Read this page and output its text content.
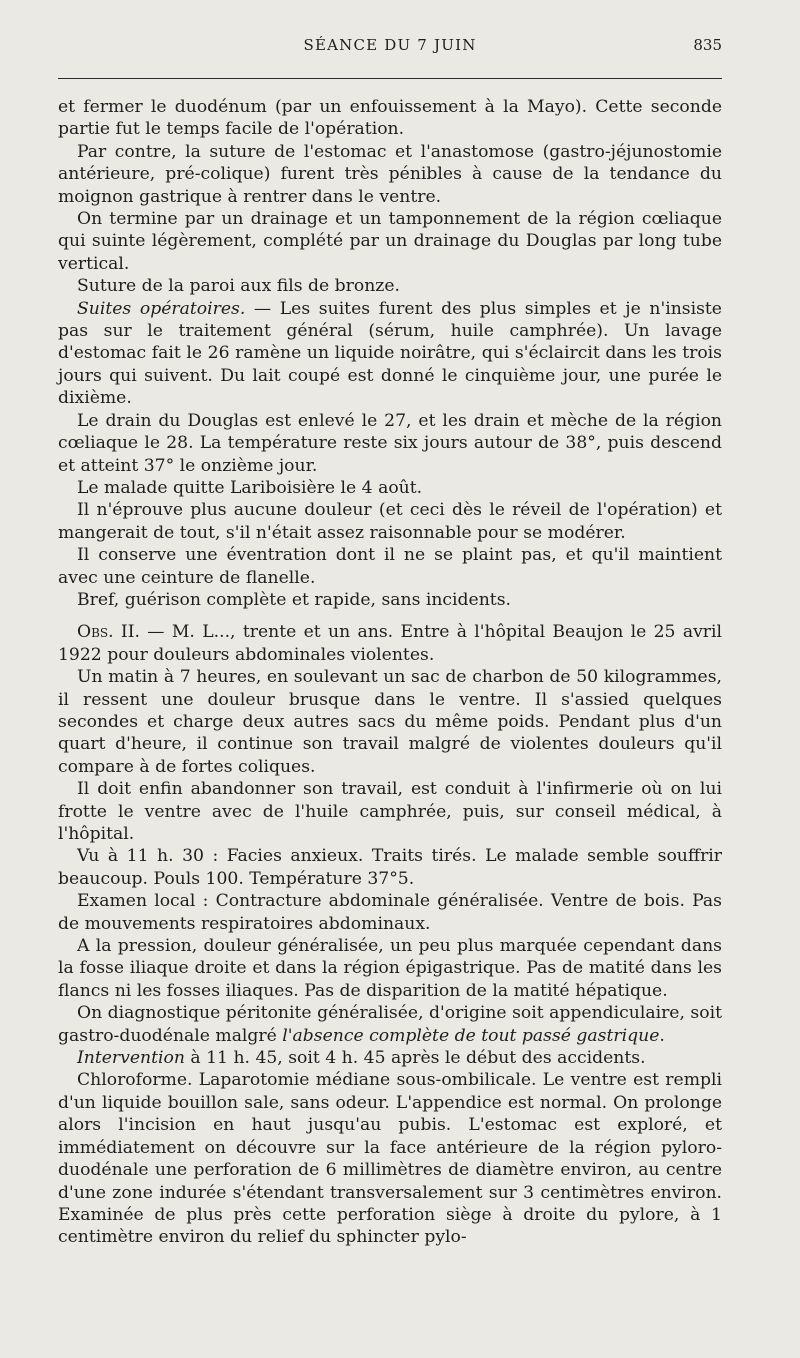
SÉANCE DU 7 JUIN	835

et fermer le duodénum (par un enfouissement à la Mayo). Cette seconde partie fut le temps facile de l'opération.

Par contre, la suture de l'estomac et l'anastomose (gastro-jéjunostomie antérieure, pré-colique) furent très pénibles à cause de la tendance du moignon gastrique à rentrer dans le ventre.

On termine par un drainage et un tamponnement de la région cœliaque qui suinte légèrement, complété par un drainage du Douglas par long tube vertical.

Suture de la paroi aux fils de bronze.

Suites opératoires. — Les suites furent des plus simples et je n'insiste pas sur le traitement général (sérum, huile camphrée). Un lavage d'estomac fait le 26 ramène un liquide noirâtre, qui s'éclaircit dans les trois jours qui suivent. Du lait coupé est donné le cinquième jour, une purée le dixième.

Le drain du Douglas est enlevé le 27, et les drain et mèche de la région cœliaque le 28. La température reste six jours autour de 38°, puis descend et atteint 37° le onzième jour.

Le malade quitte Lariboisière le 4 août.

Il n'éprouve plus aucune douleur (et ceci dès le réveil de l'opération) et mangerait de tout, s'il n'était assez raisonnable pour se modérer.

Il conserve une éventration dont il ne se plaint pas, et qu'il maintient avec une ceinture de flanelle.

Bref, guérison complète et rapide, sans incidents.

Obs. II. — M. L..., trente et un ans. Entre à l'hôpital Beaujon le 25 avril 1922 pour douleurs abdominales violentes.

Un matin à 7 heures, en soulevant un sac de charbon de 50 kilogrammes, il ressent une douleur brusque dans le ventre. Il s'assied quelques secondes et charge deux autres sacs du même poids. Pendant plus d'un quart d'heure, il continue son travail malgré de violentes douleurs qu'il compare à de fortes coliques.

Il doit enfin abandonner son travail, est conduit à l'infirmerie où on lui frotte le ventre avec de l'huile camphrée, puis, sur conseil médical, à l'hôpital.

Vu à 11 h. 30 : Facies anxieux. Traits tirés. Le malade semble souffrir beaucoup. Pouls 100. Température 37°5.

Examen local : Contracture abdominale généralisée. Ventre de bois. Pas de mouvements respiratoires abdominaux.

A la pression, douleur généralisée, un peu plus marquée cependant dans la fosse iliaque droite et dans la région épigastrique. Pas de matité dans les flancs ni les fosses iliaques. Pas de disparition de la matité hépatique.

On diagnostique péritonite généralisée, d'origine soit appendiculaire, soit gastro-duodénale malgré l'absence complète de tout passé gastrique.

Intervention à 11 h. 45, soit 4 h. 45 après le début des accidents.

Chloroforme. Laparotomie médiane sous-ombilicale. Le ventre est rempli d'un liquide bouillon sale, sans odeur. L'appendice est normal. On prolonge alors l'incision en haut jusqu'au pubis. L'estomac est exploré, et immédiatement on découvre sur la face antérieure de la région pyloro-duodénale une perforation de 6 millimètres de diamètre environ, au centre d'une zone indurée s'étendant transversalement sur 3 centimètres environ. Examinée de plus près cette perforation siège à droite du pylore, à 1 centimètre environ du relief du sphincter pylo-
